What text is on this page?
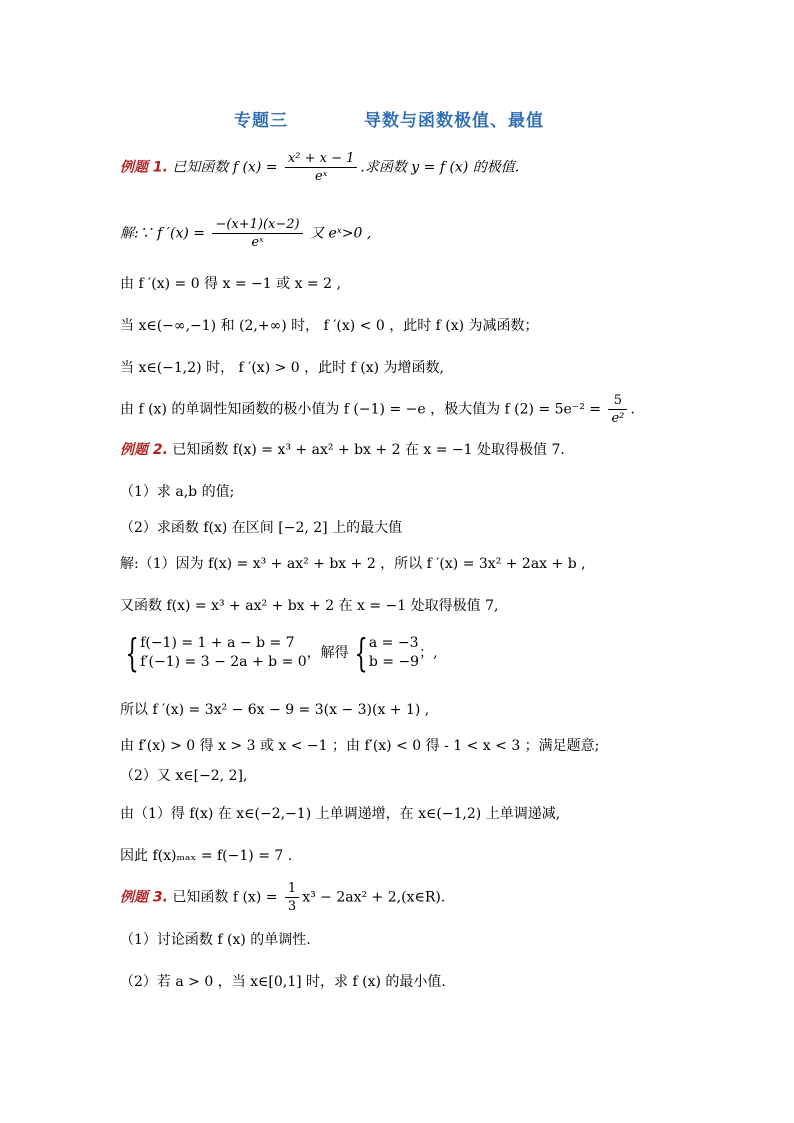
专题三	导数与函数极值、最值
例题 1. 已知函数 f $(x) = \frac{\text{x² + x − 1}}{\text{eˣ}}$ .求函数 y = f (x) 的极值.
解:∵ f $'(x) = \frac{-(x+1)(x-2)}{\text{eˣ}}$ 又 eˣ>0 ,
由 f ′(x) = 0 得 x = −1 或 x = 2 ,
当 x∈(−∞,−1) 和 (2,+∞) 时， f ′(x) < 0 ，此时 f (x) 为减函数；
当 x∈(−1,2) 时， f ′(x) > 0 ，此时 f (x) 为增函数,
由 f (x) 的单调性知函数的极小值为 f (−1) = −e ，极大值为 f $(2) = 5e^{-2} = \frac{5}{\text{e²}}$ .
例题 2. 已知函数 f(x) = x³ + ax² + bx + 2 在 x = −1 处取得极值 7.
（1）求 a,b 的值;
（2）求函数 f(x) 在区间 [−2, 2] 上的最大值
解:（1）因为 f(x) = x³ + ax² + bx + 2 ，所以 f ′(x) = 3x² + 2ax + b ,
又函数 f(x) = x³ + ax² + bx + 2 在 x = −1 处取得极值 7,
{ f(−1) = 1 + a − b = 7
f′(−1) = 3 − 2a + b = 0
，解得 { a = −3
b = −9
；,
所以 f ′(x) = 3x² − 6x − 9 = 3(x − 3)(x + 1) ,
由 f′(x) > 0 得 x > 3 或 x < −1 ；由 f′(x) < 0 得 - 1 < x < 3 ；满足题意;
（2）又 x∈[−2, 2],
由（1）得 f(x) 在 x∈(−2,−1) 上单调递增，在 x∈(−1,2) 上单调递减,
因此 f(x)ₘₐₓ = f(−1) = 7 .
例题 3. 已知函数 f $(x) = \frac{1}{3} x^3 - 2ax^2$ + 2,(x∈R).
（1）讨论函数 f (x) 的单调性.
（2）若 a > 0 ，当 x∈[0,1] 时，求 f (x) 的最小值.
